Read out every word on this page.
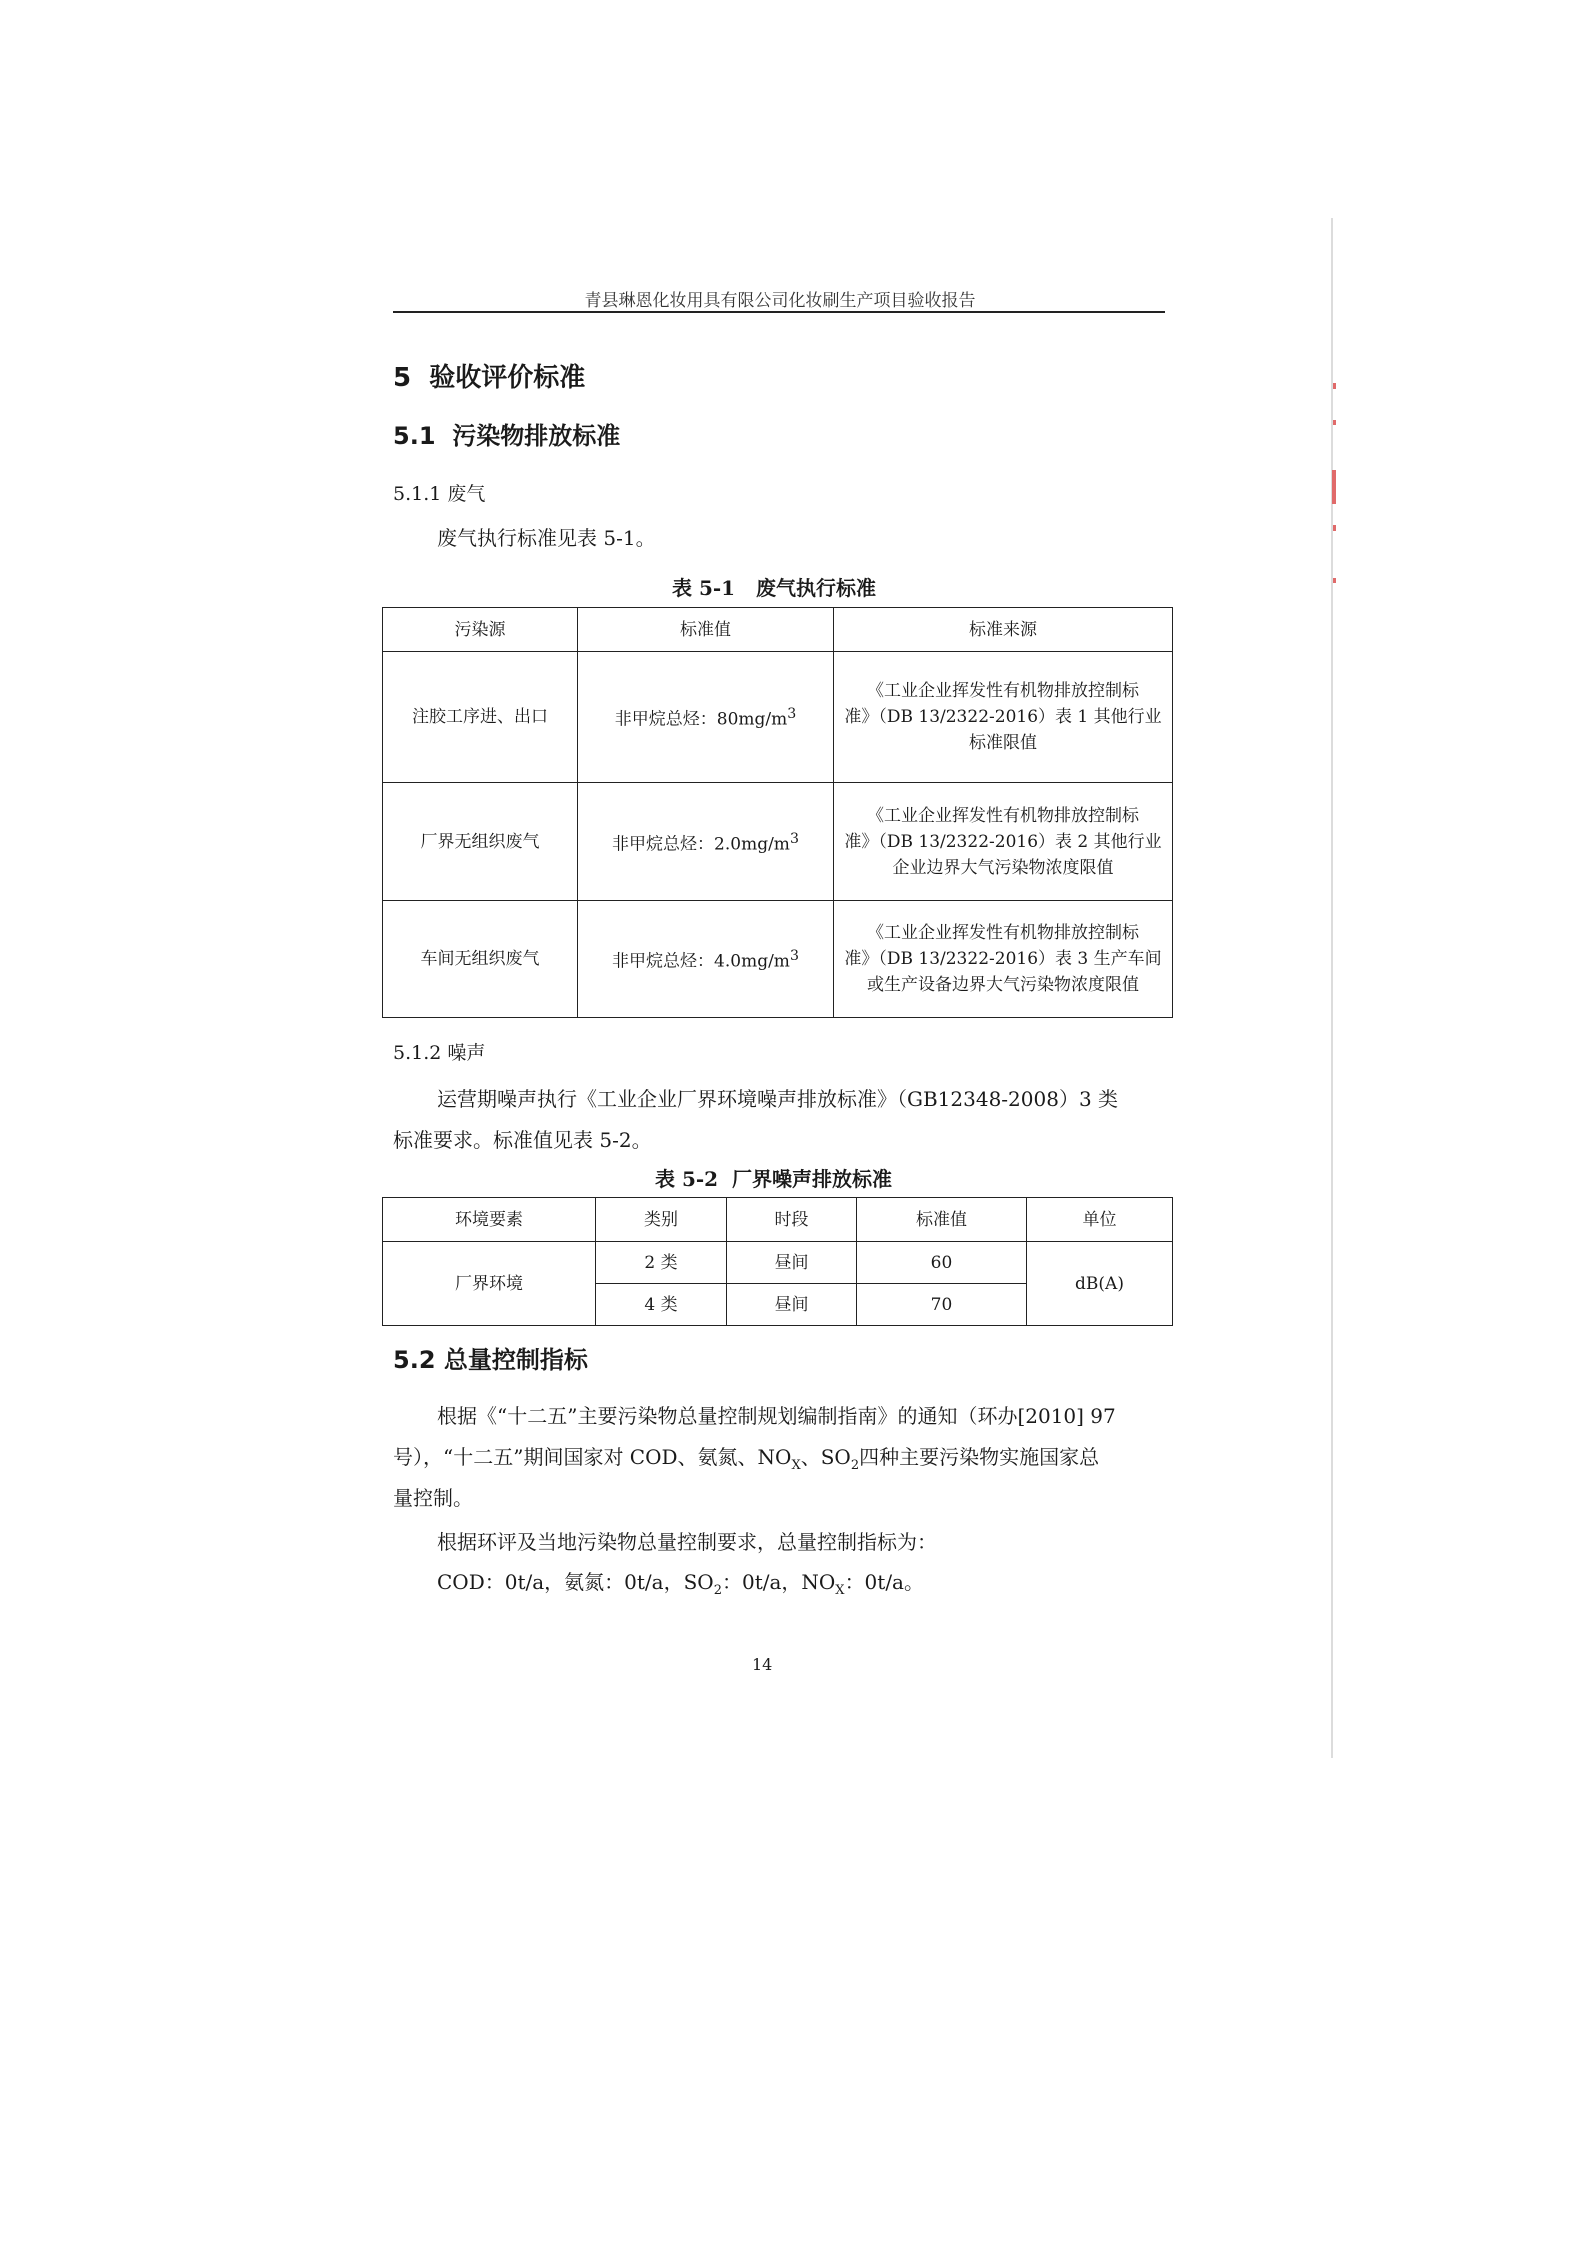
青县琳恩化妆用具有限公司化妆刷生产项目验收报告
5 验收评价标准
5.1 污染物排放标准
5.1.1 废气
废气执行标准见表 5-1。
表 5-1 废气执行标准
污染源	标准值	标准来源
注胶工序进、出口	非甲烷总烃：$80mg/m^3$	《工业企业挥发性有机物排放控制标
准》（DB 13/2322-2016）表 1 其他行业
标准限值

厂界无组织废气	非甲烷总烃：$2.0mg/m^3$	《工业企业挥发性有机物排放控制标
准》（DB 13/2322-2016）表 2 其他行业
企业边界大气污染物浓度限值

车间无组织废气	非甲烷总烃：$4.0mg/m^3$	《工业企业挥发性有机物排放控制标
准》（DB 13/2322-2016）表 3 生产车间
或生产设备边界大气污染物浓度限值
5.1.2 噪声
运营期噪声执行《工业企业厂界环境噪声排放标准》（GB12348-2008）3 类
标准要求。标准值见表 5-2。
表 5-2 厂界噪声排放标准
环境要素	类别	时段	标准值	单位
厂界环境	2 类	昼间	60	dB(A)
	4 类	昼间	70	
5.2 总量控制指标
根据《“十二五”主要污染物总量控制规划编制指南》的通知（环办[2010] 97
号），“十二五”期间国家对 COD、氨氮、$NO_X$、$SO_2$四种主要污染物实施国家总
量控制。
根据环评及当地污染物总量控制要求，总量控制指标为：
COD：0t/a，氨氮：0t/a，$SO_2$：0t/a，$NO_X$：0t/a。
14
